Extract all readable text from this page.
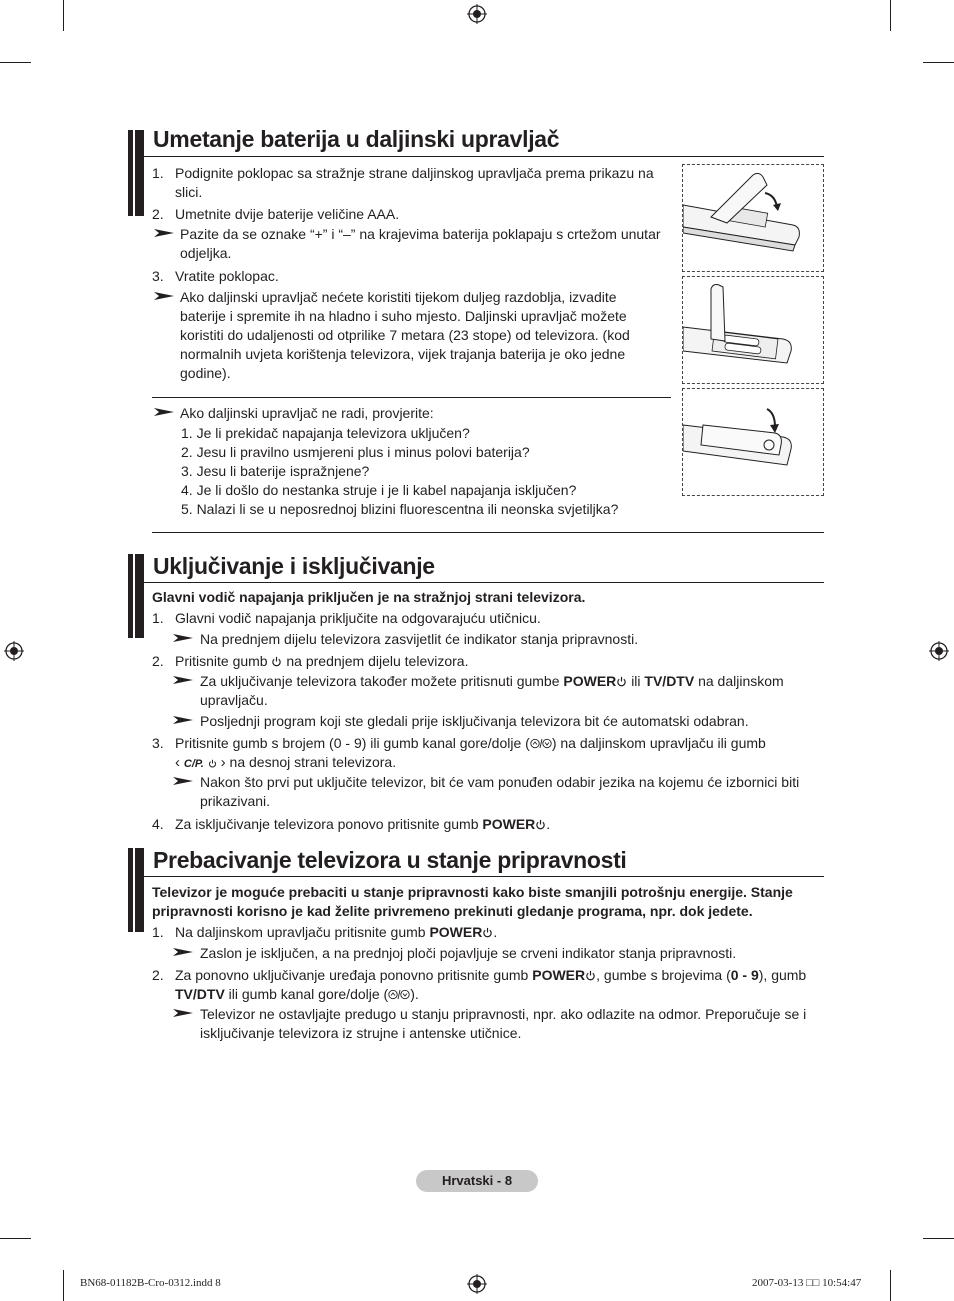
Umetanje baterija u daljinski upravljač
1. Podignite poklopac sa stražnje strane daljinskog upravljača prema prikazu na
slici.
2. Umetnite dvije baterije veličine AAA.
Pazite da se oznake “+” i “–” na krajevima baterija poklapaju s crtežom unutar
odjeljka.
3. Vratite poklopac.
Ako daljinski upravljač nećete koristiti tijekom duljeg razdoblja, izvadite
baterije i spremite ih na hladno i suho mjesto. Daljinski upravljač možete
koristiti do udaljenosti od otprilike 7 metara (23 stope) od televizora. (kod
normalnih uvjeta korištenja televizora, vijek trajanja baterija je oko jedne
godine).
Ako daljinski upravljač ne radi, provjerite:
1. Je li prekidač napajanja televizora uključen?
2. Jesu li pravilno usmjereni plus i minus polovi baterija?
3. Jesu li baterije ispražnjene?
4. Je li došlo do nestanka struje i je li kabel napajanja isključen?
5. Nalazi li se u neposrednoj blizini fluorescentna ili neonska svjetiljka?
Uključivanje i isključivanje
Glavni vodič napajanja priključen je na stražnjoj strani televizora.
1. Glavni vodič napajanja priključite na odgovarajuću utičnicu.
Na prednjem dijelu televizora zasvijetlit će indikator stanja pripravnosti.
2. Pritisnite gumb na prednjem dijelu televizora.
Za uključivanje televizora također možete pritisnuti gumbe POWER ili TV/DTV na daljinskom
upravljaču.
Posljednji program koji ste gledali prije isključivanja televizora bit će automatski odabran.
3. Pritisnite gumb s brojem (0 - 9) ili gumb kanal gore/dolje ( ) na daljinskom upravljaču ili gumb
‹ C/P. › na desnoj strani televizora.
Nakon što prvi put uključite televizor, bit će vam ponuđen odabir jezika na kojemu će izbornici biti
prikazivani.
4. Za isključivanje televizora ponovo pritisnite gumb POWER .
Prebacivanje televizora u stanje pripravnosti
Televizor je moguće prebaciti u stanje pripravnosti kako biste smanjili potrošnju energije. Stanje
pripravnosti korisno je kad želite privremeno prekinuti gledanje programa, npr. dok jedete.
1. Na daljinskom upravljaču pritisnite gumb POWER .
Zaslon je isključen, a na prednjoj ploči pojavljuje se crveni indikator stanja pripravnosti.
2. Za ponovno uključivanje uređaja ponovno pritisnite gumb POWER , gumbe s brojevima (0 - 9), gumb
TV/DTV ili gumb kanal gore/dolje ( ).
Televizor ne ostavljajte predugo u stanju pripravnosti, npr. ako odlazite na odmor. Preporučuje se i
isključivanje televizora iz strujne i antenske utičnice.
Hrvatski - 8
BN68-01182B-Cro-0312.indd 8	2007-03-13 □□ 10:54:47
